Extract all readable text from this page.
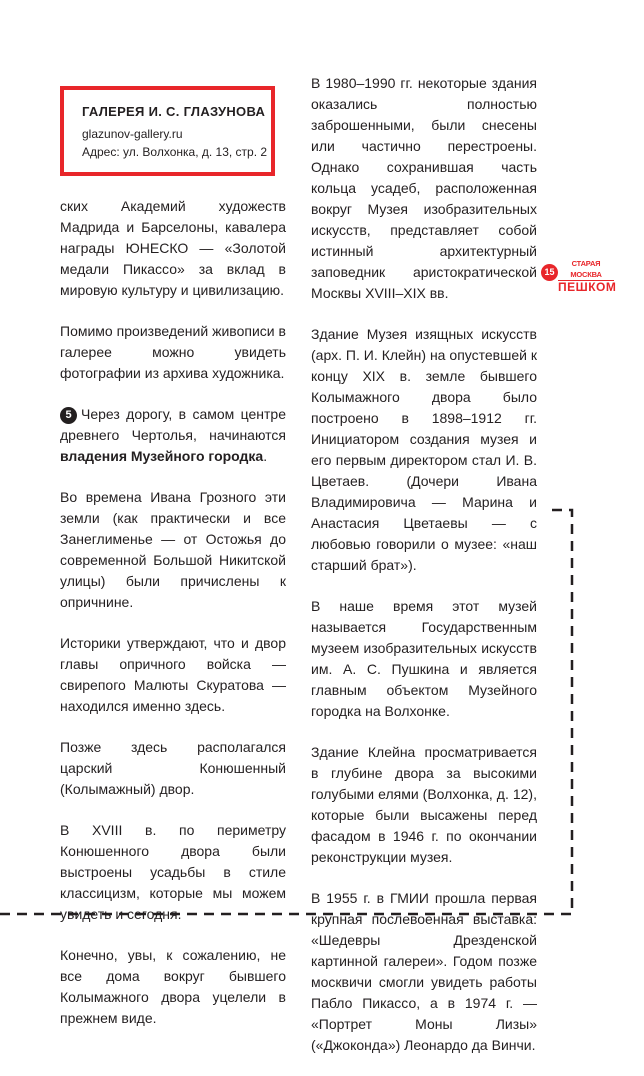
ГАЛЕРЕЯ И. С. ГЛАЗУНОВА
glazunov-gallery.ru
Адрес: ул. Волхонка, д. 13, стр. 2

ских Академий художеств Мадрида и Барселоны, кавалера награды ЮНЕСКО — «Золотой медали Пикассо» за вклад в мировую культуру и цивилизацию.

Помимо произведений живописи в галерее можно увидеть фотографии из архива художника.

5 Через дорогу, в самом центре древнего Чертолья, начинаются владения Музейного городка.

Во времена Ивана Грозного эти земли (как практически и все Занеглименье — от Остожья до современной Большой Никитской улицы) были причислены к опричнине.

Историки утверждают, что и двор главы опричного войска — свирепого Малюты Скуратова — находился именно здесь.

Позже здесь располагался царский Конюшенный (Колымажный) двор.

В XVIII в. по периметру Конюшенного двора были выстроены усадьбы в стиле классицизм, которые мы можем увидеть и сегодня.

Конечно, увы, к сожалению, не все дома вокруг бывшего Колымажного двора уцелели в прежнем виде.

В 1980–1990 гг. некоторые здания оказались полностью заброшенными, были снесены или частично перестроены. Однако сохранившая часть кольца усадеб, расположенная вокруг Музея изобразительных искусств, представляет собой истинный архитектурный заповедник аристократической Москвы XVIII–XIX вв.

Здание Музея изящных искусств (арх. П. И. Клейн) на опустевшей к концу XIX в. земле бывшего Колымажного двора было построено в 1898–1912 гг. Инициатором создания музея и его первым директором стал И. В. Цветаев. (Дочери Ивана Владимировича — Марина и Анастасия Цветаевы — с любовью говорили о музее: «наш старший брат»).

В наше время этот музей называется Государственным музеем изобразительных искусств им. А. С. Пушкина и является главным объектом Музейного городка на Волхонке.

Здание Клейна просматривается в глубине двора за высокими голубыми елями (Волхонка, д. 12), которые были высажены перед фасадом в 1946 г. по окончании реконструкции музея.

В 1955 г. в ГМИИ прошла первая крупная послевоенная выставка: «Шедевры Дрезденской картинной галереи». Годом позже москвичи смогли увидеть работы Пабло Пикассо, а в 1974 г. — «Портрет Моны Лизы» («Джоконда») Леонардо да Винчи.

15
СТАРАЯ МОСКВА
ПЕШКОМ
